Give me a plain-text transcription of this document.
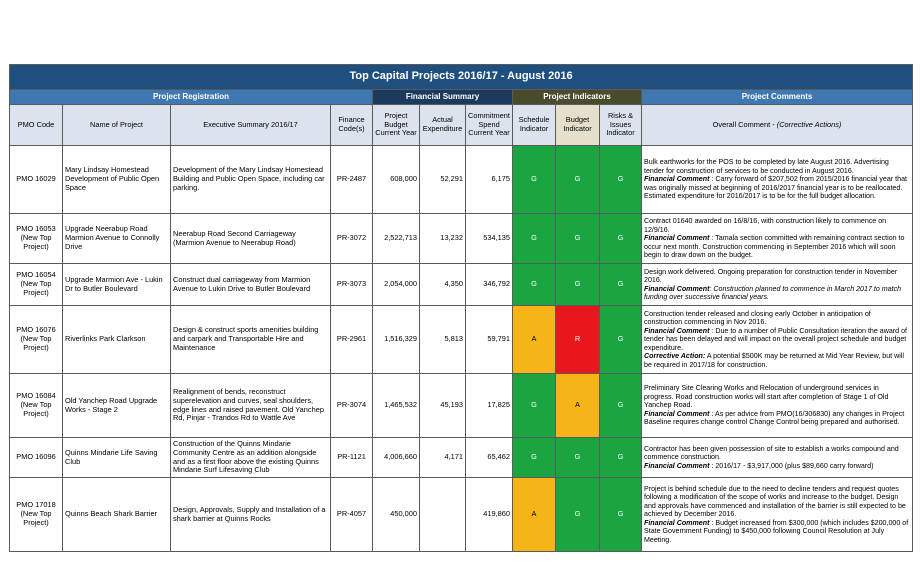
Top Capital Projects 2016/17 - August 2016										
Project Registration				Financial Summary			Project Indicators			Project Comments
PMO Code	Name of Project	Executive Summary 2016/17	Finance Code(s)	Project Budget Current Year	Actual Expenditure	Commitment Spend Current Year	Schedule Indicator	Budget Indicator	Risks & Issues Indicator	Overall Comment - (Corrective Actions)
PMO 16029	Mary Lindsay Homestead Development of Public Open Space	Development of the Mary Lindsay Homestead Building and Public Open Space, including car parking.	PR-2487	608,000	52,291	6,175	G	G	G	Bulk earthworks for the POS to be completed by late August 2016. Advertising tender for construction of services to be conducted in August 2016.
Financial Comment : Carry forward of $207,502 from 2015/2016 financial year that was originally missed at beginning of 2016/2017 financial year is to be reallocated. Estimated expenditure for 2016/2017 is to be for the full budget allocation.

PMO 16053 (New Top Project)	Upgrade Neerabup Road Marmion Avenue to Connolly Drive	Neerabup Road Second Carriageway (Marmion Avenue to Neerabup Road)	PR-3072	2,522,713	13,232	534,135	G	G	G	Contract 01640 awarded on 16/8/16, with construction likely to commence on 12/9/16.
Financial Comment : Tamala section committed with remaining contract section to occur next month. Construction commencing in September 2016 which will soon begin to draw down on the budget.

PMO 16054 (New Top Project)	Upgrade Marmion Ave - Lukin Dr to Butler Boulevard	Construct dual carriageway from Marmion Avenue to Lukin Drive to Butler Boulevard	PR-3073	2,054,000	4,350	346,792	G	G	G	Design work delivered. Ongoing preparation for construction tender in November 2016.
Financial Comment: Construction planned to commence in March 2017 to match funding over successive financial years.

PMO 16076 (New Top Project)	Riverlinks Park Clarkson	Design & construct sports amenities building and carpark and Transportable Hire and Maintenance	PR-2961	1,516,329	5,813	59,791	A	R	G	Construction tender released and closing early October in anticipation of construction commencing in Nov 2016.
Financial Comment : Due to a number of Public Consultation iteration the award of tender has been delayed and will impact on the overall project schedule and budget expenditure.
Corrective Action: A potential $500K may be returned at Mid Year Review, but will be required in 2017/18 for construction.

PMO 16084 (New Top Project)	Old Yanchep Road Upgrade Works - Stage 2	Realignment of bends, reconstruct superelevation and curves, seal shoulders, edge lines and raised pavement. Old Yanchep Rd, Pinjar - Trandos Rd to Wattle Ave	PR-3074	1,465,532	45,193	17,825	G	A	G	Preliminary Site Clearing Works and Relocation of underground services in progress. Road construction works will start after completion of Stage 1 of Old Yanchep Road.
Financial Comment : As per advice from PMO(16/306830) any changes in Project Baseline requires change control Change Control being prepared and authorised.

PMO 16096	Quinns Mindarie Life Saving Club	Construction of the Quinns Mindarie Community Centre as an addition alongside and as a first floor above the existing Quinns Mindarie Surf Lifesaving Club	PR-1121	4,006,660	4,171	65,462	G	G	G	Contractor has been given possession of site to establish a works compound and commence construction.
Financial Comment : 2016/17 - $3,917,000 (plus $89,660 carry forward)

PMO 17018 (New Top Project)	Quinns Beach Shark Barrier	Design, Approvals, Supply and Installation of a shark barrier at Quinns Rocks	PR-4057	450,000		419,860	A	G	G	Project is behind schedule due to the need to decline tenders and request quotes following a modification of the scope of works and increase to the budget. Design and approvals have commenced and installation of the barrier is still expected to be achieved by December 2016.
Financial Comment : Budget increased from $300,000 (which includes $200,000 of State Government Funding) to $450,000 following Council Resolution at July Meeting.
